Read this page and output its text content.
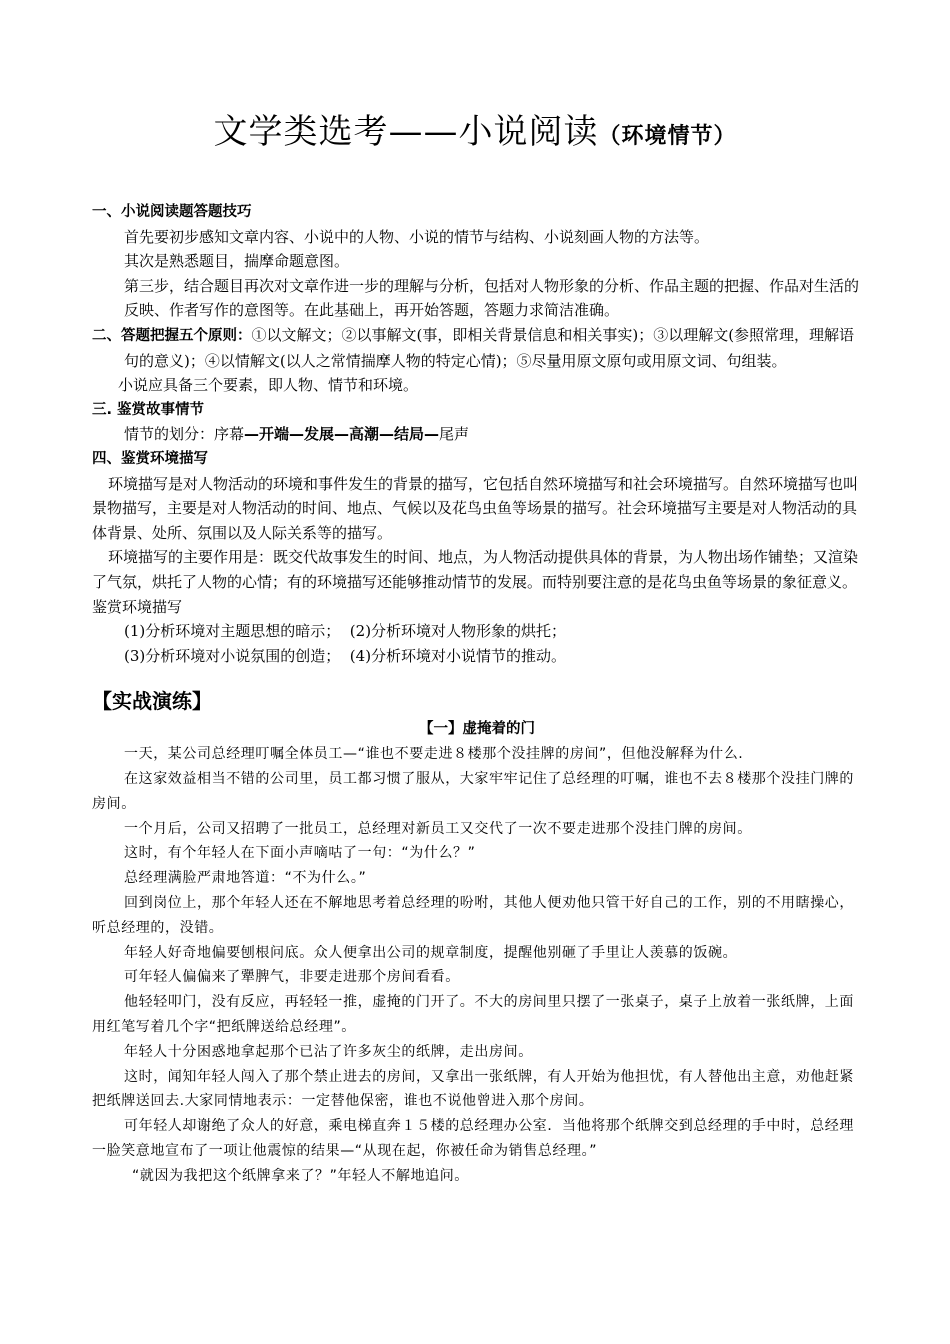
文学类选考——小说阅读（环境情节）

一、小说阅读题答题技巧

首先要初步感知文章内容、小说中的人物、小说的情节与结构、小说刻画人物的方法等。

其次是熟悉题目，揣摩命题意图。

第三步，结合题目再次对文章作进一步的理解与分析，包括对人物形象的分析、作品主题的把握、作品对生活的反映、作者写作的意图等。在此基础上，再开始答题，答题力求简洁准确。

二、答题把握五个原则：①以文解文；②以事解文(事，即相关背景信息和相关事实)；③以理解文(参照常理，理解语句的意义)；④以情解文(以人之常情揣摩人物的特定心情)；⑤尽量用原文原句或用原文词、句组装。

小说应具备三个要素，即人物、情节和环境。

三. 鉴赏故事情节

情节的划分：序幕—开端—发展—高潮—结局—尾声

四、鉴赏环境描写

环境描写是对人物活动的环境和事件发生的背景的描写，它包括自然环境描写和社会环境描写。自然环境描写也叫景物描写，主要是对人物活动的时间、地点、气候以及花鸟虫鱼等场景的描写。社会环境描写主要是对人物活动的具体背景、处所、氛围以及人际关系等的描写。

环境描写的主要作用是：既交代故事发生的时间、地点，为人物活动提供具体的背景，为人物出场作铺垫；又渲染了气氛，烘托了人物的心情；有的环境描写还能够推动情节的发展。而特别要注意的是花鸟虫鱼等场景的象征意义。

鉴赏环境描写

(1)分析环境对主题思想的暗示； (2)分析环境对人物形象的烘托；

(3)分析环境对小说氛围的创造； (4)分析环境对小说情节的推动。

【实战演练】

【一】虚掩着的门

一天，某公司总经理叮嘱全体员工—“谁也不要走进８楼那个没挂牌的房间”，但他没解释为什么.

在这家效益相当不错的公司里，员工都习惯了服从，大家牢牢记住了总经理的叮嘱，谁也不去８楼那个没挂门牌的房间。

一个月后，公司又招聘了一批员工，总经理对新员工又交代了一次不要走进那个没挂门牌的房间。

这时，有个年轻人在下面小声嘀咕了一句：“为什么？”

总经理满脸严肃地答道：“不为什么。”

回到岗位上，那个年轻人还在不解地思考着总经理的吩咐，其他人便劝他只管干好自己的工作，别的不用瞎操心，听总经理的，没错。

年轻人好奇地偏要刨根问底。众人便拿出公司的规章制度，提醒他别砸了手里让人羡慕的饭碗。

可年轻人偏偏来了犟脾气，非要走进那个房间看看。

他轻轻叩门，没有反应，再轻轻一推，虚掩的门开了。不大的房间里只摆了一张桌子，桌子上放着一张纸牌，上面用红笔写着几个字“把纸牌送给总经理”。

年轻人十分困惑地拿起那个已沾了许多灰尘的纸牌，走出房间。

这时，闻知年轻人闯入了那个禁止进去的房间，又拿出一张纸牌，有人开始为他担忧，有人替他出主意，劝他赶紧把纸牌送回去.大家同情地表示：一定替他保密，谁也不说他曾进入那个房间。

可年轻人却谢绝了众人的好意，乘电梯直奔１５楼的总经理办公室．当他将那个纸牌交到总经理的手中时，总经理一脸笑意地宣布了一项让他震惊的结果—“从现在起，你被任命为销售总经理。”

“就因为我把这个纸牌拿来了？”年轻人不解地追问。
